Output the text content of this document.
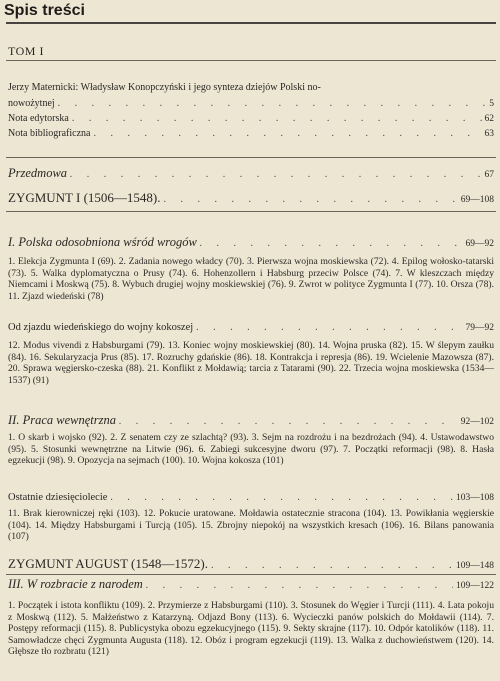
Spis treści
TOM I
Jerzy Maternicki: Władysław Konopczyński i jego synteza dziejów Polski no-
nowożytnej . . .	5
Nota edytorska . . .	62
Nota bibliograficzna . . .	63
Przedmowa . . .	67
ZYGMUNT I (1506—1548). . . .	69—108
I. Polska odosobniona wśród wrogów . . .	69—92
1. Elekcja Zygmunta I (69). 2. Zadania nowego władcy (70). 3. Pierwsza wojna moskiewska (72). 4. Epilog wołosko-tatarski (73). 5. Walka dyplomatyczna o Prusy (74). 6. Hohenzollern i Habsburg przeciw Polsce (74). 7. W kleszczach między Niemcami i Moskwą (75). 8. Wybuch drugiej wojny moskiewskiej (76). 9. Zwrot w polityce Zygmunta I (77). 10. Orsza (78). 11. Zjazd wiedeński (78)
Od zjazdu wiedeńskiego do wojny kokoszej . . .	79—92
12. Modus vivendi z Habsburgami (79). 13. Koniec wojny moskiewskiej (80). 14. Wojna pruska (82). 15. W ślepym zaułku (84). 16. Sekularyzacja Prus (85). 17. Rozruchy gdańskie (86). 18. Kontrakcja i represja (86). 19. Wcielenie Mazowsza (87). 20. Sprawa węgiersko-czeska (88). 21. Konflikt z Mołdawią; tarcia z Tatarami (90). 22. Trzecia wojna moskiewska (1534—1537) (91)
II. Praca wewnętrzna . . .	92—102
1. O skarb i wojsko (92). 2. Z senatem czy ze szlachtą? (93). 3. Sejm na rozdrożu i na bezdrożach (94). 4. Ustawodawstwo (95). 5. Stosunki wewnętrzne na Litwie (96). 6. Zabiegi sukcesyjne dworu (97). 7. Początki reformacji (98). 8. Hasła egzekucji (98). 9. Opozycja na sejmach (100). 10. Wojna kokosza (101)
Ostatnie dziesięciolecie . . .	103—108
11. Brak kierowniczej ręki (103). 12. Pokucie uratowane. Mołdawia ostatecznie stracona (104). 13. Powikłania węgierskie (104). 14. Między Habsburgami i Turcją (105). 15. Zbrojny niepokój na wszystkich kresach (106). 16. Bilans panowania (107)
ZYGMUNT AUGUST (1548—1572). . . .	109—148
III. W rozbracie z narodem . . .	109—122
1. Początek i istota konfliktu (109). 2. Przymierze z Habsburgami (110). 3. Stosunek do Węgier i Turcji (111). 4. Lata pokoju z Moskwą (112). 5. Małżeństwo z Katarzyną. Odjazd Bony (113). 6. Wycieczki panów polskich do Mołdawii (114). 7. Postępy reformacji (115). 8. Publicystyka obozu egzekucyjnego (115). 9. Sekty skrajne (117). 10. Odpór katolików (118). 11. Samowładcze chęci Zygmunta Augusta (118). 12. Obóz i program egzekucji (119). 13. Walka z duchowieństwem (120). 14. Głębsze tło rozbratu (121)
